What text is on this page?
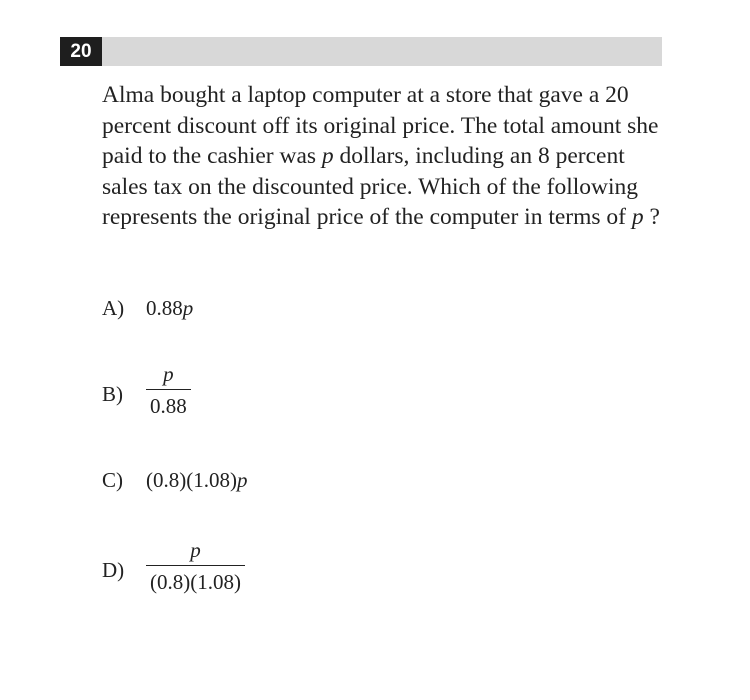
20

Alma bought a laptop computer at a store that gave a 20 percent discount off its original price. The total amount she paid to the cashier was p dollars, including an 8 percent sales tax on the discounted price. Which of the following represents the original price of the computer in terms of p ?

A) 0.88p
$B) \frac{p}{0.88}$
C) (0.8)(1.08)p
$D) \frac{p}{(0.8)(1.08)}$
